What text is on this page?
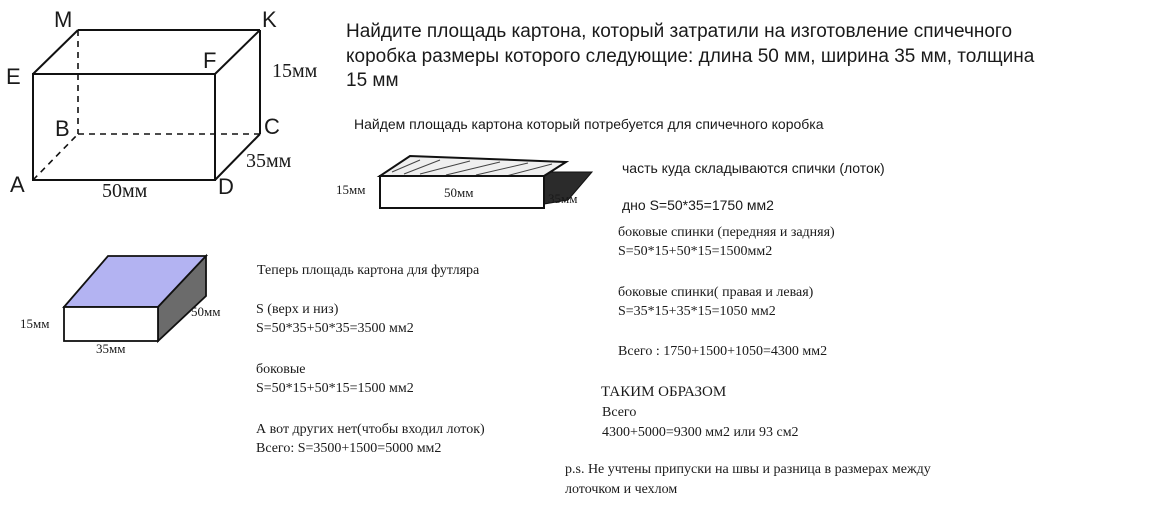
M	K
E
F
B	C
A	D
15мм
35мм
50мм
Найдите площадь картона, который затратили на изготовление спичечного
коробка размеры которого следующие: длина 50 мм, ширина 35 мм, толщина
15 мм
Найдем площадь картона который потребуется для спичечного коробка
15мм	50мм	35мм
часть куда складываются спички (лоток)
дно S=50*35=1750 мм2
боковые спинки (передняя и задняя)
S=50*15+50*15=1500мм2
боковые спинки( правая и левая)
S=35*15+35*15=1050 мм2
Всего : 1750+1500+1050=4300 мм2
15мм
50мм
35мм
Теперь площадь картона для футляра
S (верх и низ)
S=50*35+50*35=3500 мм2
боковые
S=50*15+50*15=1500 мм2
А вот других нет(чтобы входил лоток)
Всего: S=3500+1500=5000 мм2
ТАКИМ ОБРАЗОМ
Всего
4300+5000=9300 мм2 или 93 см2
p.s. Не учтены припуски на швы и разница в размерах между
лоточком и чехлом
